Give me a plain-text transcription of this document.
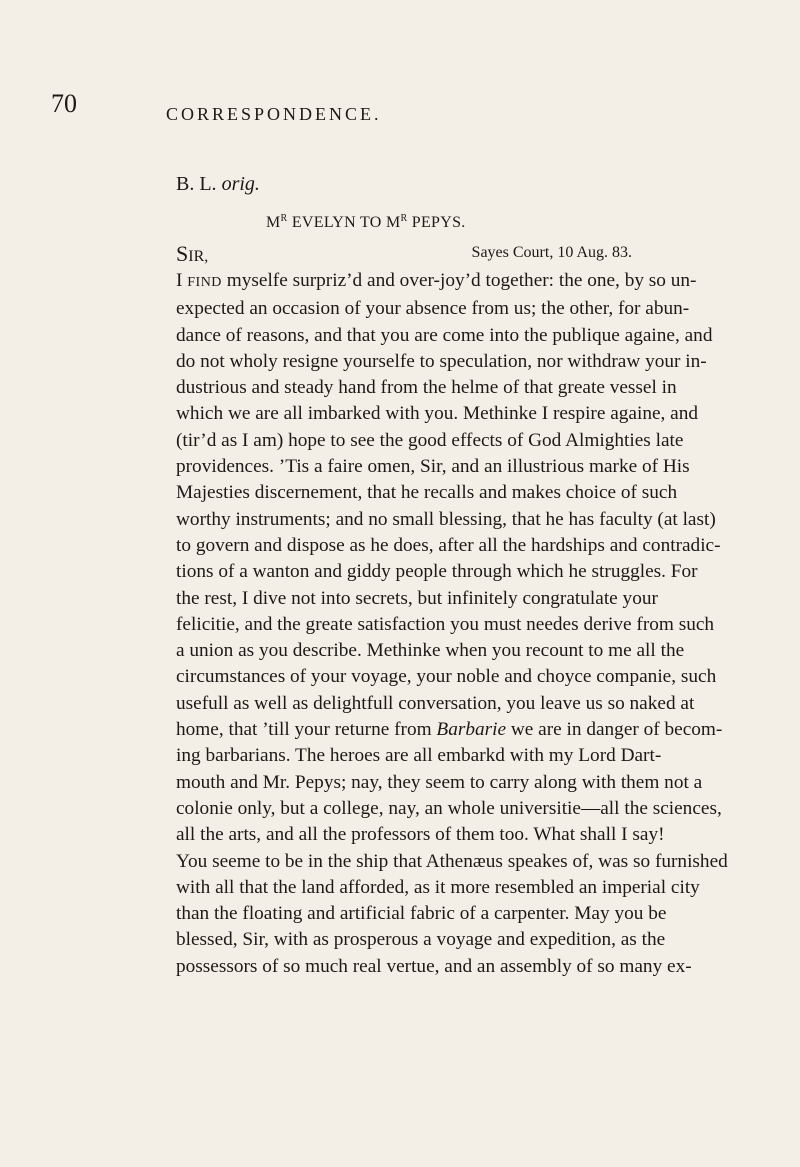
70	CORRESPONDENCE.
B. L. orig.
$M^R$ EVELYN TO $M^R$ PEPYS.
SIR,	Sayes Court, 10 Aug. 83.
I FIND myselfe surpriz’d and over-joy’d together: the one, by so un-
expected an occasion of your absence from us; the other, for abun-
dance of reasons, and that you are come into the publique againe, and
do not wholy resigne yourselfe to speculation, nor withdraw your in-
dustrious and steady hand from the helme of that greate vessel in
which we are all imbarked with you. Methinke I respire againe, and
(tir’d as I am) hope to see the good effects of God Almighties late
providences. ’Tis a faire omen, Sir, and an illustrious marke of His
Majesties discernement, that he recalls and makes choice of such
worthy instruments; and no small blessing, that he has faculty (at last)
to govern and dispose as he does, after all the hardships and contradic-
tions of a wanton and giddy people through which he struggles. For
the rest, I dive not into secrets, but infinitely congratulate your
felicitie, and the greate satisfaction you must needes derive from such
a union as you describe. Methinke when you recount to me all the
circumstances of your voyage, your noble and choyce companie, such
usefull as well as delightfull conversation, you leave us so naked at
home, that ’till your returne from Barbarie we are in danger of becom-
ing barbarians. The heroes are all embarkd with my Lord Dart-
mouth and Mr. Pepys; nay, they seem to carry along with them not a
colonie only, but a college, nay, an whole universitie—all the sciences,
all the arts, and all the professors of them too. What shall I say!
You seeme to be in the ship that Athenæus speakes of, was so furnished
with all that the land afforded, as it more resembled an imperial city
than the floating and artificial fabric of a carpenter. May you be
blessed, Sir, with as prosperous a voyage and expedition, as the
possessors of so much real vertue, and an assembly of so many ex-
